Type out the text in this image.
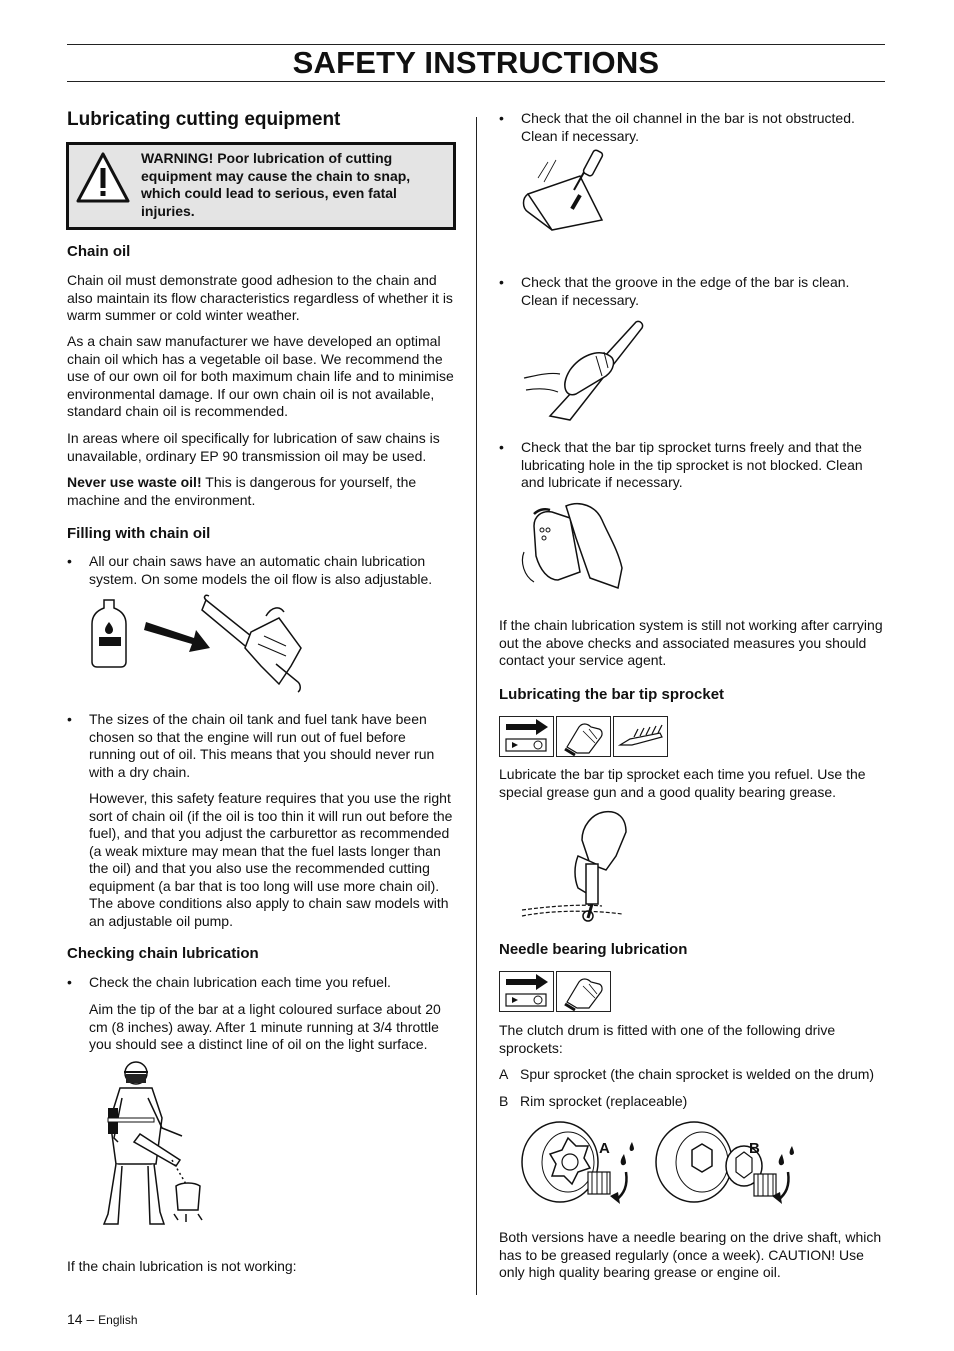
SAFETY INSTRUCTIONS
Lubricating cutting equipment
WARNING! Poor lubrication of cutting equipment may cause the chain to snap, which could lead to serious, even fatal injuries.
Chain oil

Chain oil must demonstrate good adhesion to the chain and also maintain its flow characteristics regardless of whether it is warm summer or cold winter weather.

As a chain saw manufacturer we have developed an optimal chain oil which has a vegetable oil base. We recommend the use of our own oil for both maximum chain life and to minimise environmental damage. If our own chain oil is not available, standard chain oil is recommended.

In areas where oil specifically for lubrication of saw chains is unavailable, ordinary EP 90 transmission oil may be used.

Never use waste oil! This is dangerous for yourself, the machine and the environment.

Filling with chain oil
•	All our chain saws have an automatic chain lubrication system. On some models the oil flow is also adjustable.
•	The sizes of the chain oil tank and fuel tank have been chosen so that the engine will run out of fuel before running out of oil. This means that you should never run with a dry chain.

However, this safety feature requires that you use the right sort of chain oil (if the oil is too thin it will run out before the fuel), and that you adjust the carburettor as recommended (a weak mixture may mean that the fuel lasts longer than the oil) and that you also use the recommended cutting equipment (a bar that is too long will use more chain oil). The above conditions also apply to chain saw models with an adjustable oil pump.

Checking chain lubrication
•	Check the chain lubrication each time you refuel.

Aim the tip of the bar at a light coloured surface about 20 cm (8 inches) away. After 1 minute running at 3/4 throttle you should see a distinct line of oil on the light surface.

If the chain lubrication is not working:

•	Check that the oil channel in the bar is not obstructed. Clean if necessary.
•	Check that the groove in the edge of the bar is clean. Clean if necessary.
•	Check that the bar tip sprocket turns freely and that the lubricating hole in the tip sprocket is not blocked. Clean and lubricate if necessary.

If the chain lubrication system is still not working after carrying out the above checks and associated measures you should contact your service agent.

Lubricating the bar tip sprocket

Lubricate the bar tip sprocket each time you refuel. Use the special grease gun and a good quality bearing grease.

Needle bearing lubrication

The clutch drum is fitted with one of the following drive sprockets:

A Spur sprocket (the chain sprocket is welded on the drum)
B Rim sprocket (replaceable)
A	B

Both versions have a needle bearing on the drive shaft, which has to be greased regularly (once a week). CAUTION! Use only high quality bearing grease or engine oil.

14 – English
